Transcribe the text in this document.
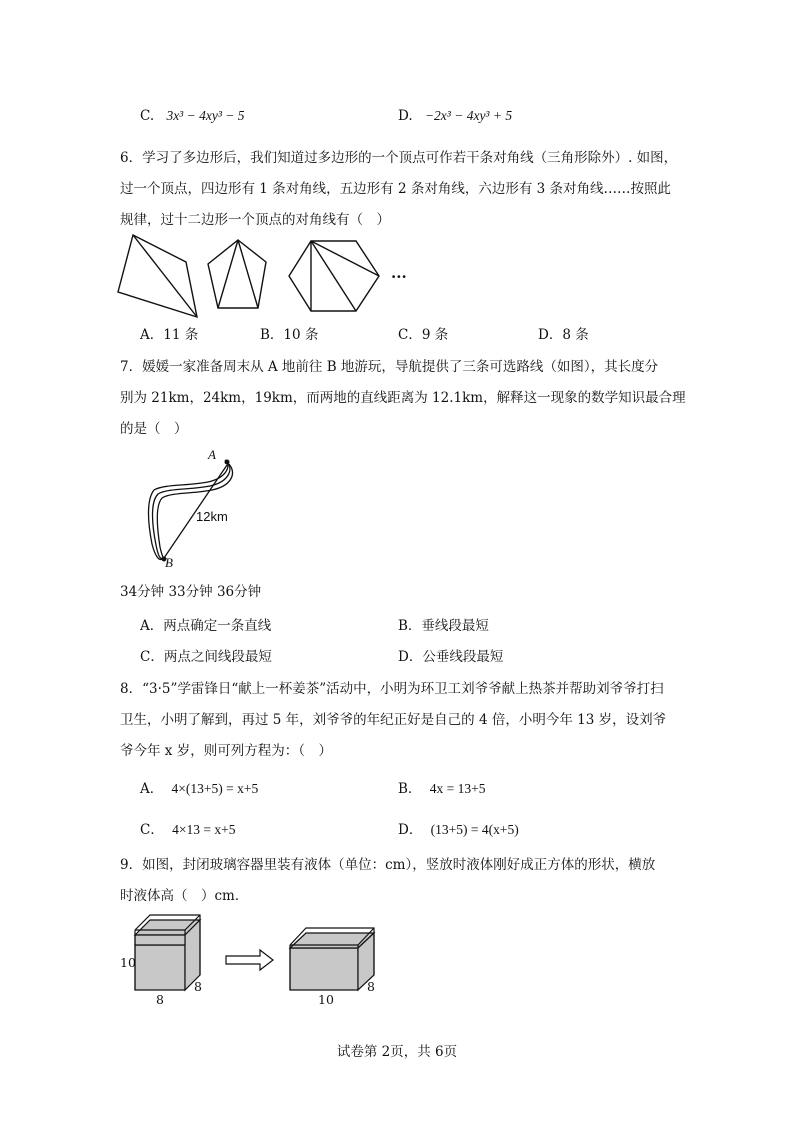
C. 3x³ − 4xy³ − 5	D. −2x³ − 4xy³ + 5
6．学习了多边形后，我们知道过多边形的一个顶点可作若干条对角线（三角形除外）. 如图，
过一个顶点，四边形有 1 条对角线，五边形有 2 条对角线，六边形有 3 条对角线……按照此
规律，过十二边形一个顶点的对角线有（　）
···
A．11 条	B．10 条	C．9 条	D．8 条
7．媛媛一家准备周末从 A 地前往 B 地游玩，导航提供了三条可选路线（如图），其长度分
别为 21km，24km，19km，而两地的直线距离为 12.1km，解释这一现象的数学知识最合理
的是（　）
A
B
12km
34分钟 33分钟 36分钟
A．两点确定一条直线	B．垂线段最短
C．两点之间线段最短	D．公垂线段最短
8．“3·5”学雷锋日“献上一杯姜茶”活动中，小明为环卫工刘爷爷献上热茶并帮助刘爷爷打扫
卫生，小明了解到，再过 5 年，刘爷爷的年纪正好是自己的 4 倍，小明今年 13 岁，设刘爷
爷今年 x 岁，则可列方程为：（　）
A． 4×(13+5) = x+5	B． 4x = 13+5
C． 4×13 = x+5	D． (13+5) = 4(x+5)
9．如图，封闭玻璃容器里装有液体（单位：cm），竖放时液体刚好成正方体的形状，横放
时液体高（　）cm．
10
8
8
10
8
试卷第 2页，共 6页
